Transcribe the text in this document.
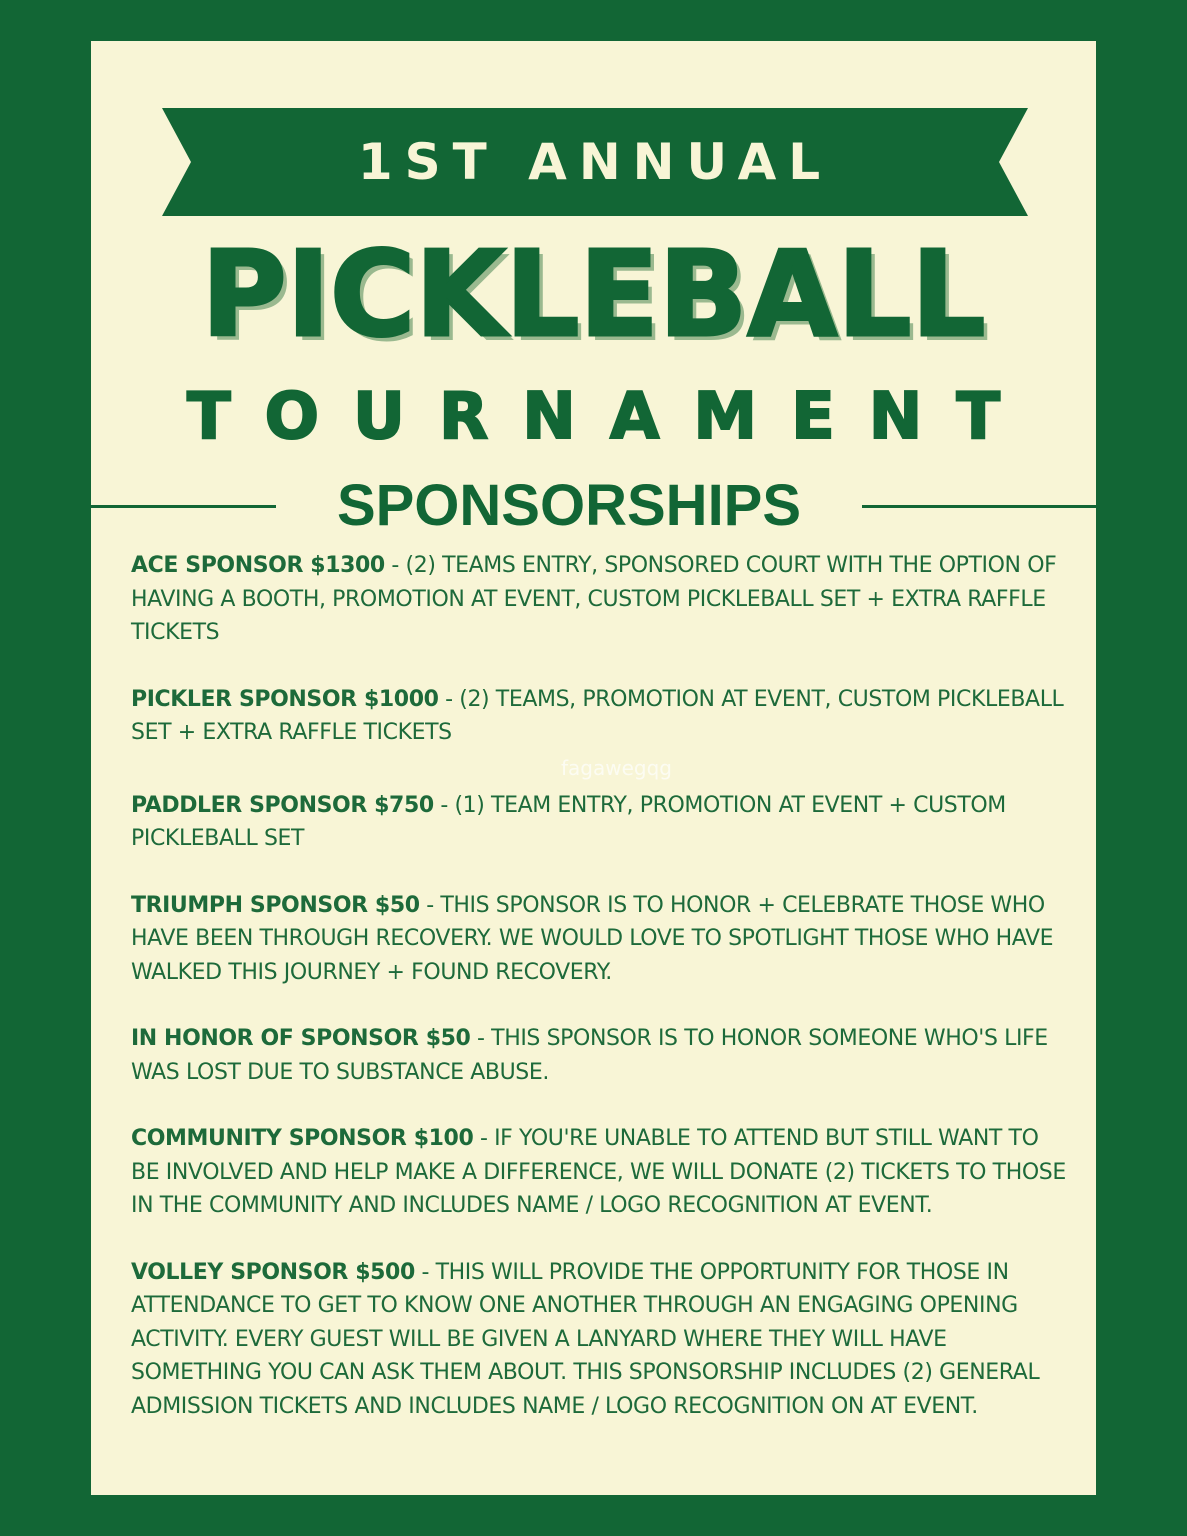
1ST ANNUAL
PICKLEBALL
TOURNAMENT
SPONSORSHIPS

ACE SPONSOR $1300 - (2) TEAMS ENTRY, SPONSORED COURT WITH THE OPTION OF HAVING A BOOTH, PROMOTION AT EVENT, CUSTOM PICKLEBALL SET + EXTRA RAFFLE TICKETS

PICKLER SPONSOR $1000 - (2) TEAMS, PROMOTION AT EVENT, CUSTOM PICKLEBALL SET + EXTRA RAFFLE TICKETS

PADDLER SPONSOR $750 - (1) TEAM ENTRY, PROMOTION AT EVENT + CUSTOM PICKLEBALL SET

TRIUMPH SPONSOR $50 - THIS SPONSOR IS TO HONOR + CELEBRATE THOSE WHO HAVE BEEN THROUGH RECOVERY. WE WOULD LOVE TO SPOTLIGHT THOSE WHO HAVE WALKED THIS JOURNEY + FOUND RECOVERY.

IN HONOR OF SPONSOR $50 - THIS SPONSOR IS TO HONOR SOMEONE WHO'S LIFE WAS LOST DUE TO SUBSTANCE ABUSE.

COMMUNITY SPONSOR $100 - IF YOU'RE UNABLE TO ATTEND BUT STILL WANT TO BE INVOLVED AND HELP MAKE A DIFFERENCE, WE WILL DONATE (2) TICKETS TO THOSE IN THE COMMUNITY AND INCLUDES NAME / LOGO RECOGNITION AT EVENT.

VOLLEY SPONSOR $500 - THIS WILL PROVIDE THE OPPORTUNITY FOR THOSE IN ATTENDANCE TO GET TO KNOW ONE ANOTHER THROUGH AN ENGAGING OPENING ACTIVITY. EVERY GUEST WILL BE GIVEN A LANYARD WHERE THEY WILL HAVE SOMETHING YOU CAN ASK THEM ABOUT. THIS SPONSORSHIP INCLUDES (2) GENERAL ADMISSION TICKETS AND INCLUDES NAME / LOGO RECOGNITION ON AT EVENT.

fagawegqg
